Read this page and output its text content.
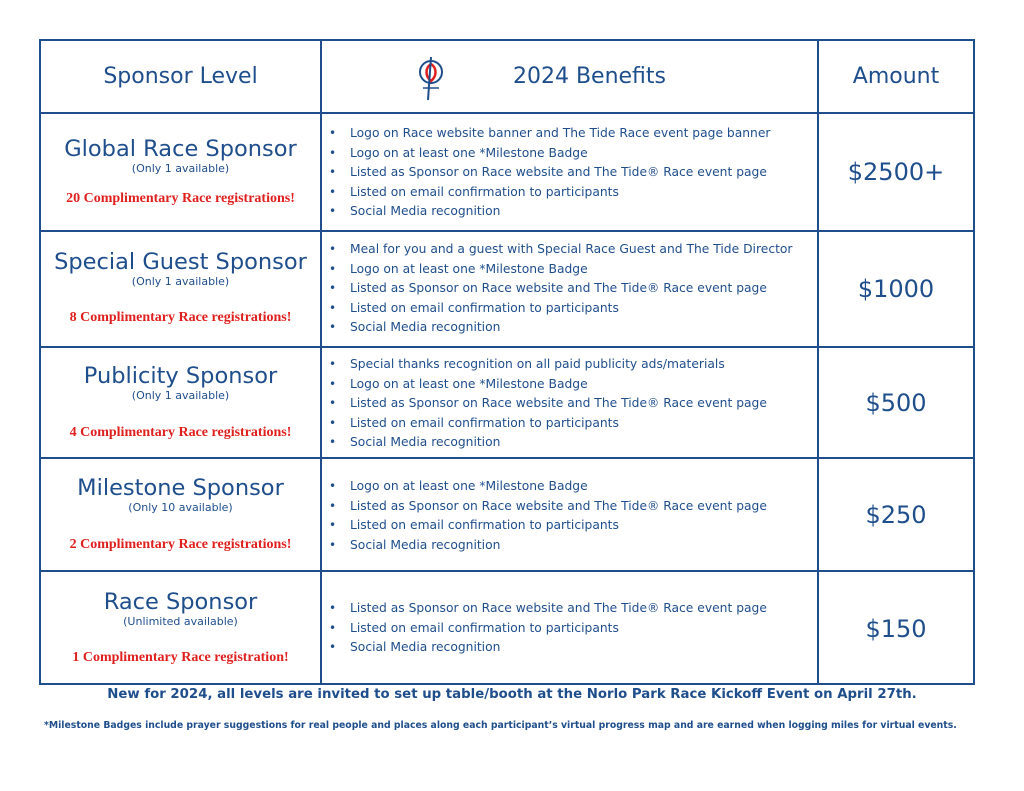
Sponsor Level	2024 Benefits	Amount
Global Race Sponsor
(Only 1 available)
20 Complimentary Race registrations!
• Logo on Race website banner and The Tide Race event page banner
• Logo on at least one *Milestone Badge
• Listed as Sponsor on Race website and The Tide® Race event page
• Listed on email confirmation to participants
• Social Media recognition
$2500+
Special Guest Sponsor
(Only 1 available)
8 Complimentary Race registrations!
• Meal for you and a guest with Special Race Guest and The Tide Director
• Logo on at least one *Milestone Badge
• Listed as Sponsor on Race website and The Tide® Race event page
• Listed on email confirmation to participants
• Social Media recognition
$1000
Publicity Sponsor
(Only 1 available)
4 Complimentary Race registrations!
• Special thanks recognition on all paid publicity ads/materials
• Logo on at least one *Milestone Badge
• Listed as Sponsor on Race website and The Tide® Race event page
• Listed on email confirmation to participants
• Social Media recognition
$500
Milestone Sponsor
(Only 10 available)
2 Complimentary Race registrations!
• Logo on at least one *Milestone Badge
• Listed as Sponsor on Race website and The Tide® Race event page
• Listed on email confirmation to participants
• Social Media recognition
$250
Race Sponsor
(Unlimited available)
1 Complimentary Race registration!
• Listed as Sponsor on Race website and The Tide® Race event page
• Listed on email confirmation to participants
• Social Media recognition
$150
New for 2024, all levels are invited to set up table/booth at the Norlo Park Race Kickoff Event on April 27th.
*Milestone Badges include prayer suggestions for real people and places along each participant’s virtual progress map and are earned when logging miles for virtual events.
